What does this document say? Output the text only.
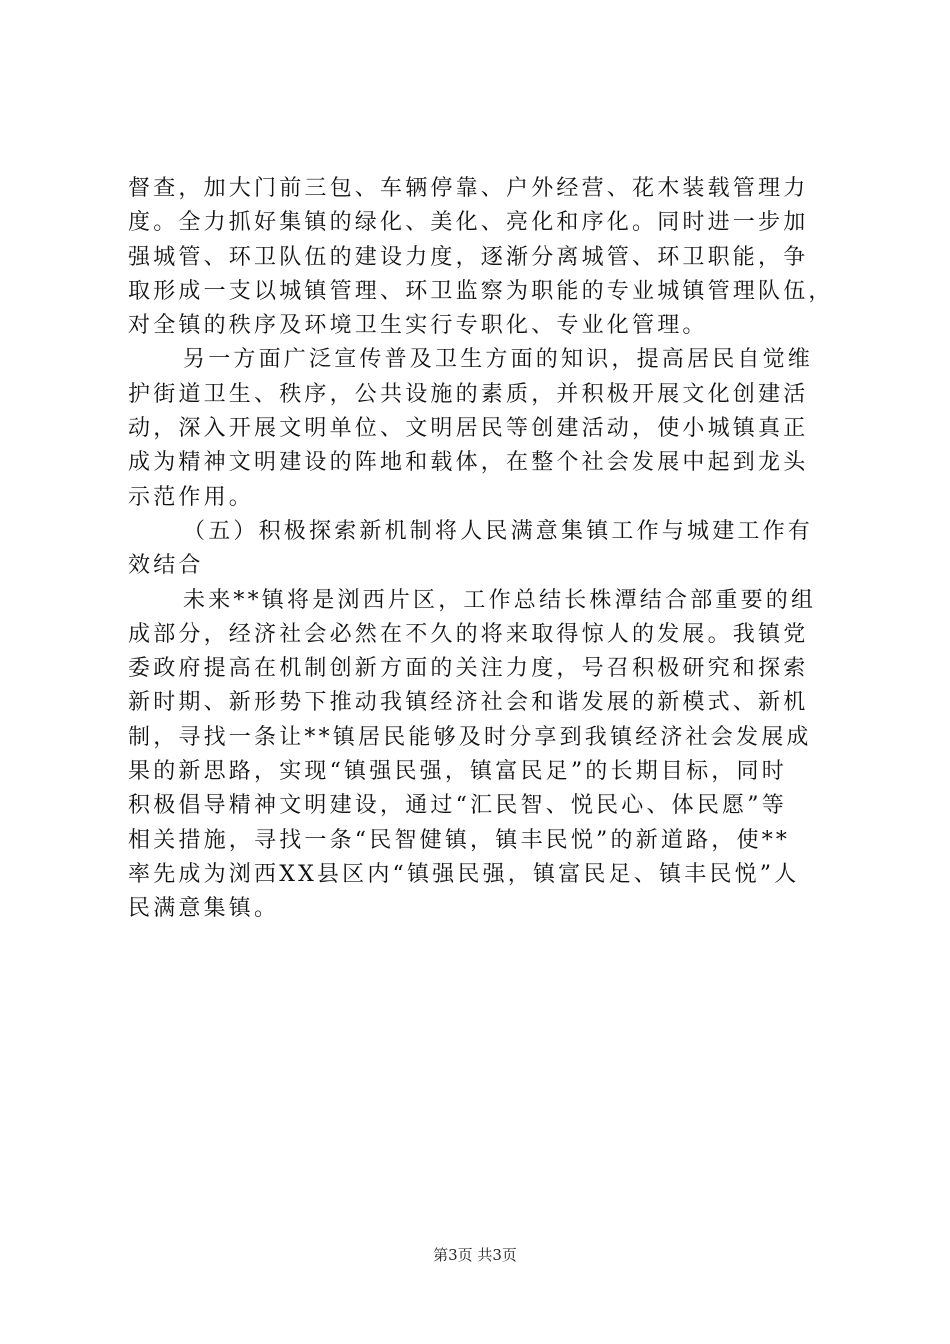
督查，加大门前三包、车辆停靠、户外经营、花木装载管理力

度。全力抓好集镇的绿化、美化、亮化和序化。同时进一步加

强城管、环卫队伍的建设力度，逐渐分离城管、环卫职能，争

取形成一支以城镇管理、环卫监察为职能的专业城镇管理队伍，

对全镇的秩序及环境卫生实行专职化、专业化管理。

另一方面广泛宣传普及卫生方面的知识，提高居民自觉维

护街道卫生、秩序，公共设施的素质，并积极开展文化创建活

动，深入开展文明单位、文明居民等创建活动，使小城镇真正

成为精神文明建设的阵地和载体，在整个社会发展中起到龙头

示范作用。

（五）积极探索新机制将人民满意集镇工作与城建工作有

效结合

未来**镇将是浏西片区，工作总结长株潭结合部重要的组

成部分，经济社会必然在不久的将来取得惊人的发展。我镇党

委政府提高在机制创新方面的关注力度，号召积极研究和探索

新时期、新形势下推动我镇经济社会和谐发展的新模式、新机

制，寻找一条让**镇居民能够及时分享到我镇经济社会发展成

果的新思路，实现“镇强民强，镇富民足”的长期目标，同时

积极倡导精神文明建设，通过“汇民智、悦民心、体民愿”等

相关措施，寻找一条“民智健镇，镇丰民悦”的新道路，使**

率先成为浏西XX县区内“镇强民强，镇富民足、镇丰民悦”人

民满意集镇。

第3页 共3页
